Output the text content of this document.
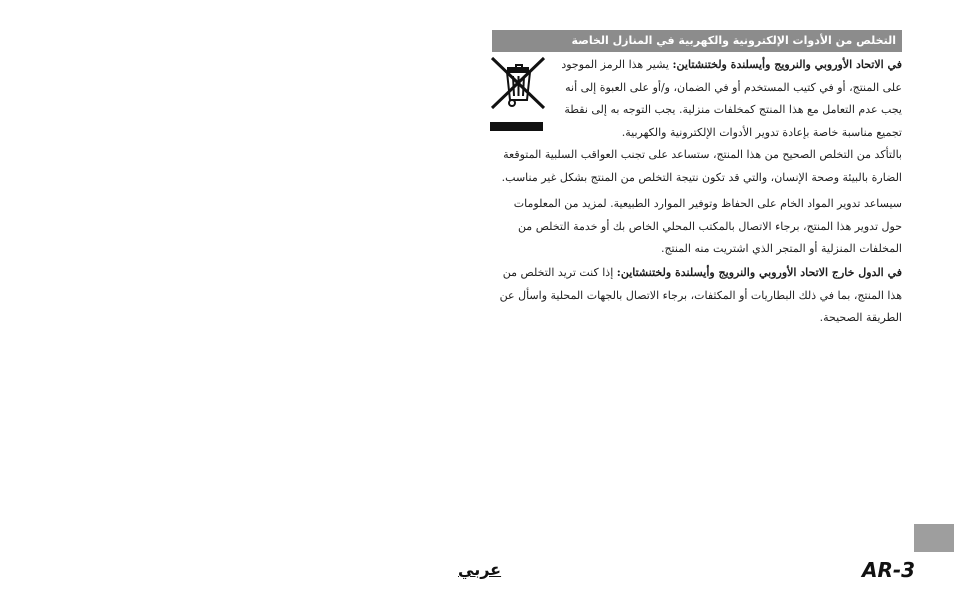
التخلص من الأدوات الإلكترونية والكهربية في المنازل الخاصة

في الاتحاد الأوروبي والنرويج وأيسلندة ولختنشتاين: يشير هذا الرمز الموجود على المنتج، أو في كتيب المستخدم أو في الضمان، و/أو على العبوة إلى أنه يجب عدم التعامل مع هذا المنتج كمخلفات منزلية. يجب التوجه به إلى نقطة تجميع مناسبة خاصة بإعادة تدوير الأدوات الإلكترونية والكهربية.

بالتأكد من التخلص الصحيح من هذا المنتج، ستساعد على تجنب العواقب السلبية المتوقعة الضارة بالبيئة وصحة الإنسان، والتي قد تكون نتيجة التخلص من المنتج بشكل غير مناسب.

سيساعد تدوير المواد الخام على الحفاظ وتوفير الموارد الطبيعية. لمزيد من المعلومات حول تدوير هذا المنتج، برجاء الاتصال بالمكتب المحلي الخاص بك أو خدمة التخلص من المخلفات المنزلية أو المتجر الذي اشتريت منه المنتج.

في الدول خارج الاتحاد الأوروبي والنرويج وأيسلندة ولختنشتاين: إذا كنت تريد التخلص من هذا المنتج، بما في ذلك البطاريات أو المكثفات، برجاء الاتصال بالجهات المحلية واسأل عن الطريقة الصحيحة.

AR-3
عربي
